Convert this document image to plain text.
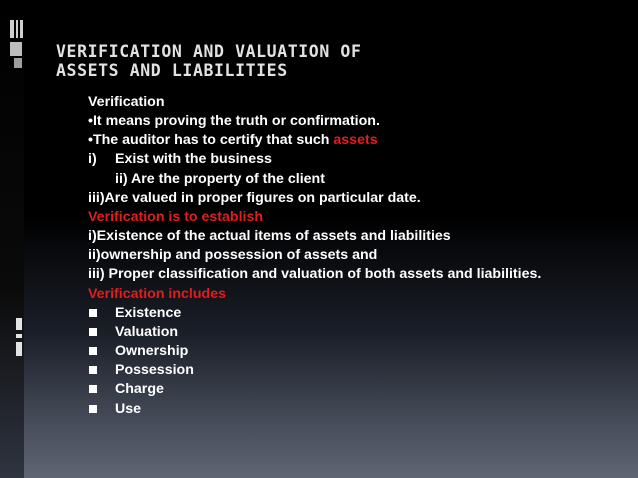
VERIFICATION AND VALUATION OF
ASSETS AND LIABILITIES
Verification
•It means proving the truth or confirmation.
•The auditor has to certify that such assets
i) Exist with the business
ii) Are the property of the client
iii)Are valued in proper figures on particular date.
Verification is to establish
i)Existence of the actual items of assets and liabilities
ii)ownership and possession of assets and
iii) Proper classification and valuation of both assets and liabilities.
Verification includes
Existence
Valuation
Ownership
Possession
Charge
Use
